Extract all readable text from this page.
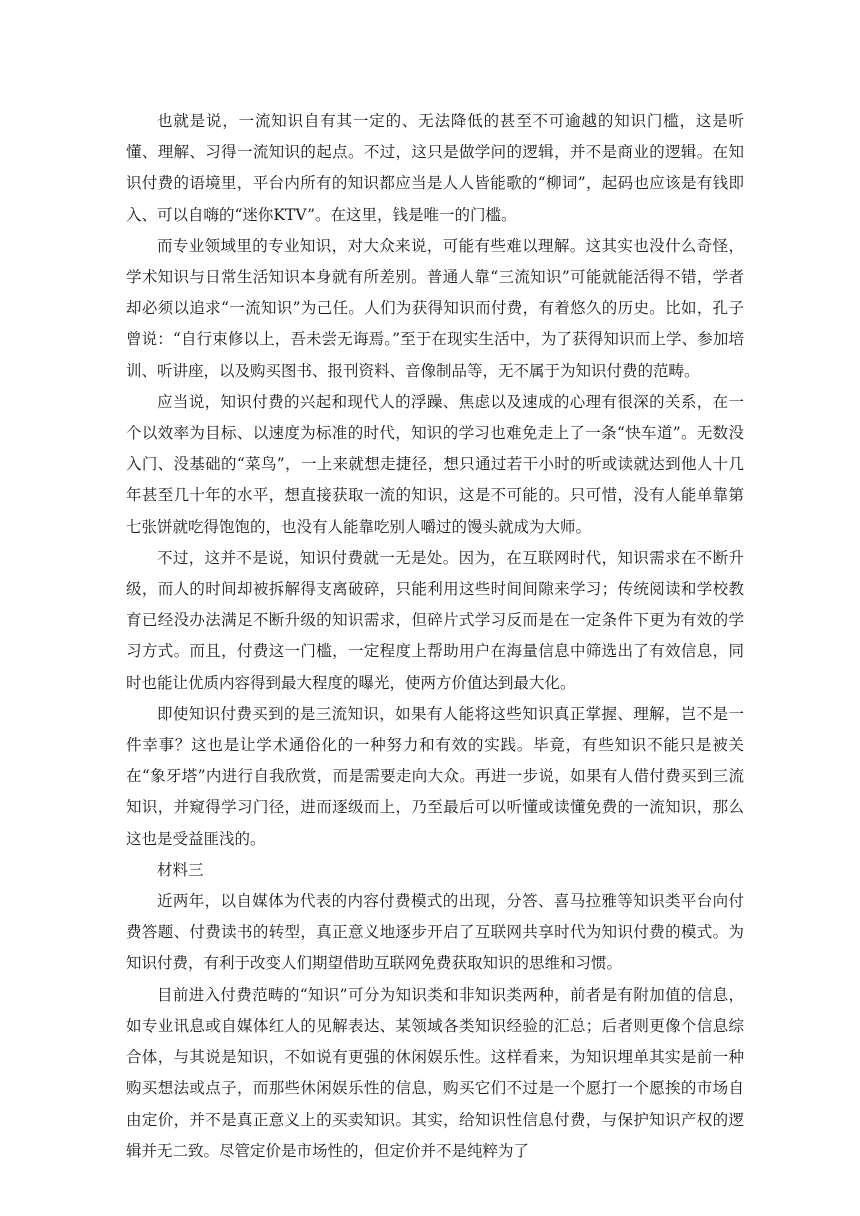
也就是说，一流知识自有其一定的、无法降低的甚至不可逾越的知识门槛，这是听懂、理解、习得一流知识的起点。不过，这只是做学问的逻辑，并不是商业的逻辑。在知识付费的语境里，平台内所有的知识都应当是人人皆能歌的“柳词”，起码也应该是有钱即入、可以自嗨的“迷你KTV”。在这里，钱是唯一的门槛。

而专业领域里的专业知识，对大众来说，可能有些难以理解。这其实也没什么奇怪，学术知识与日常生活知识本身就有所差别。普通人靠“三流知识”可能就能活得不错，学者却必须以追求“一流知识”为己任。人们为获得知识而付费，有着悠久的历史。比如，孔子曾说：“自行束修以上，吾未尝无诲焉。”至于在现实生活中，为了获得知识而上学、参加培训、听讲座，以及购买图书、报刊资料、音像制品等，无不属于为知识付费的范畴。

应当说，知识付费的兴起和现代人的浮躁、焦虑以及速成的心理有很深的关系，在一个以效率为目标、以速度为标准的时代，知识的学习也难免走上了一条“快车道”。无数没入门、没基础的“菜鸟”，一上来就想走捷径，想只通过若干小时的听或读就达到他人十几年甚至几十年的水平，想直接获取一流的知识，这是不可能的。只可惜，没有人能单靠第七张饼就吃得饱饱的，也没有人能靠吃别人嚼过的馒头就成为大师。

不过，这并不是说，知识付费就一无是处。因为，在互联网时代，知识需求在不断升级，而人的时间却被拆解得支离破碎，只能利用这些时间间隙来学习；传统阅读和学校教育已经没办法满足不断升级的知识需求，但碎片式学习反而是在一定条件下更为有效的学习方式。而且，付费这一门槛，一定程度上帮助用户在海量信息中筛选出了有效信息，同时也能让优质内容得到最大程度的曝光，使两方价值达到最大化。

即使知识付费买到的是三流知识，如果有人能将这些知识真正掌握、理解，岂不是一件幸事？这也是让学术通俗化的一种努力和有效的实践。毕竟，有些知识不能只是被关在“象牙塔”内进行自我欣赏，而是需要走向大众。再进一步说，如果有人借付费买到三流知识，并窥得学习门径，进而逐级而上，乃至最后可以听懂或读懂免费的一流知识，那么这也是受益匪浅的。

材料三

近两年，以自媒体为代表的内容付费模式的出现，分答、喜马拉雅等知识类平台向付费答题、付费读书的转型，真正意义地逐步开启了互联网共享时代为知识付费的模式。为知识付费，有利于改变人们期望借助互联网免费获取知识的思维和习惯。

目前进入付费范畴的“知识”可分为知识类和非知识类两种，前者是有附加值的信息，如专业讯息或自媒体红人的见解表达、某领域各类知识经验的汇总；后者则更像个信息综合体，与其说是知识，不如说有更强的休闲娱乐性。这样看来，为知识埋单其实是前一种购买想法或点子，而那些休闲娱乐性的信息，购买它们不过是一个愿打一个愿挨的市场自由定价，并不是真正意义上的买卖知识。其实，给知识性信息付费，与保护知识产权的逻辑并无二致。尽管定价是市场性的，但定价并不是纯粹为了
